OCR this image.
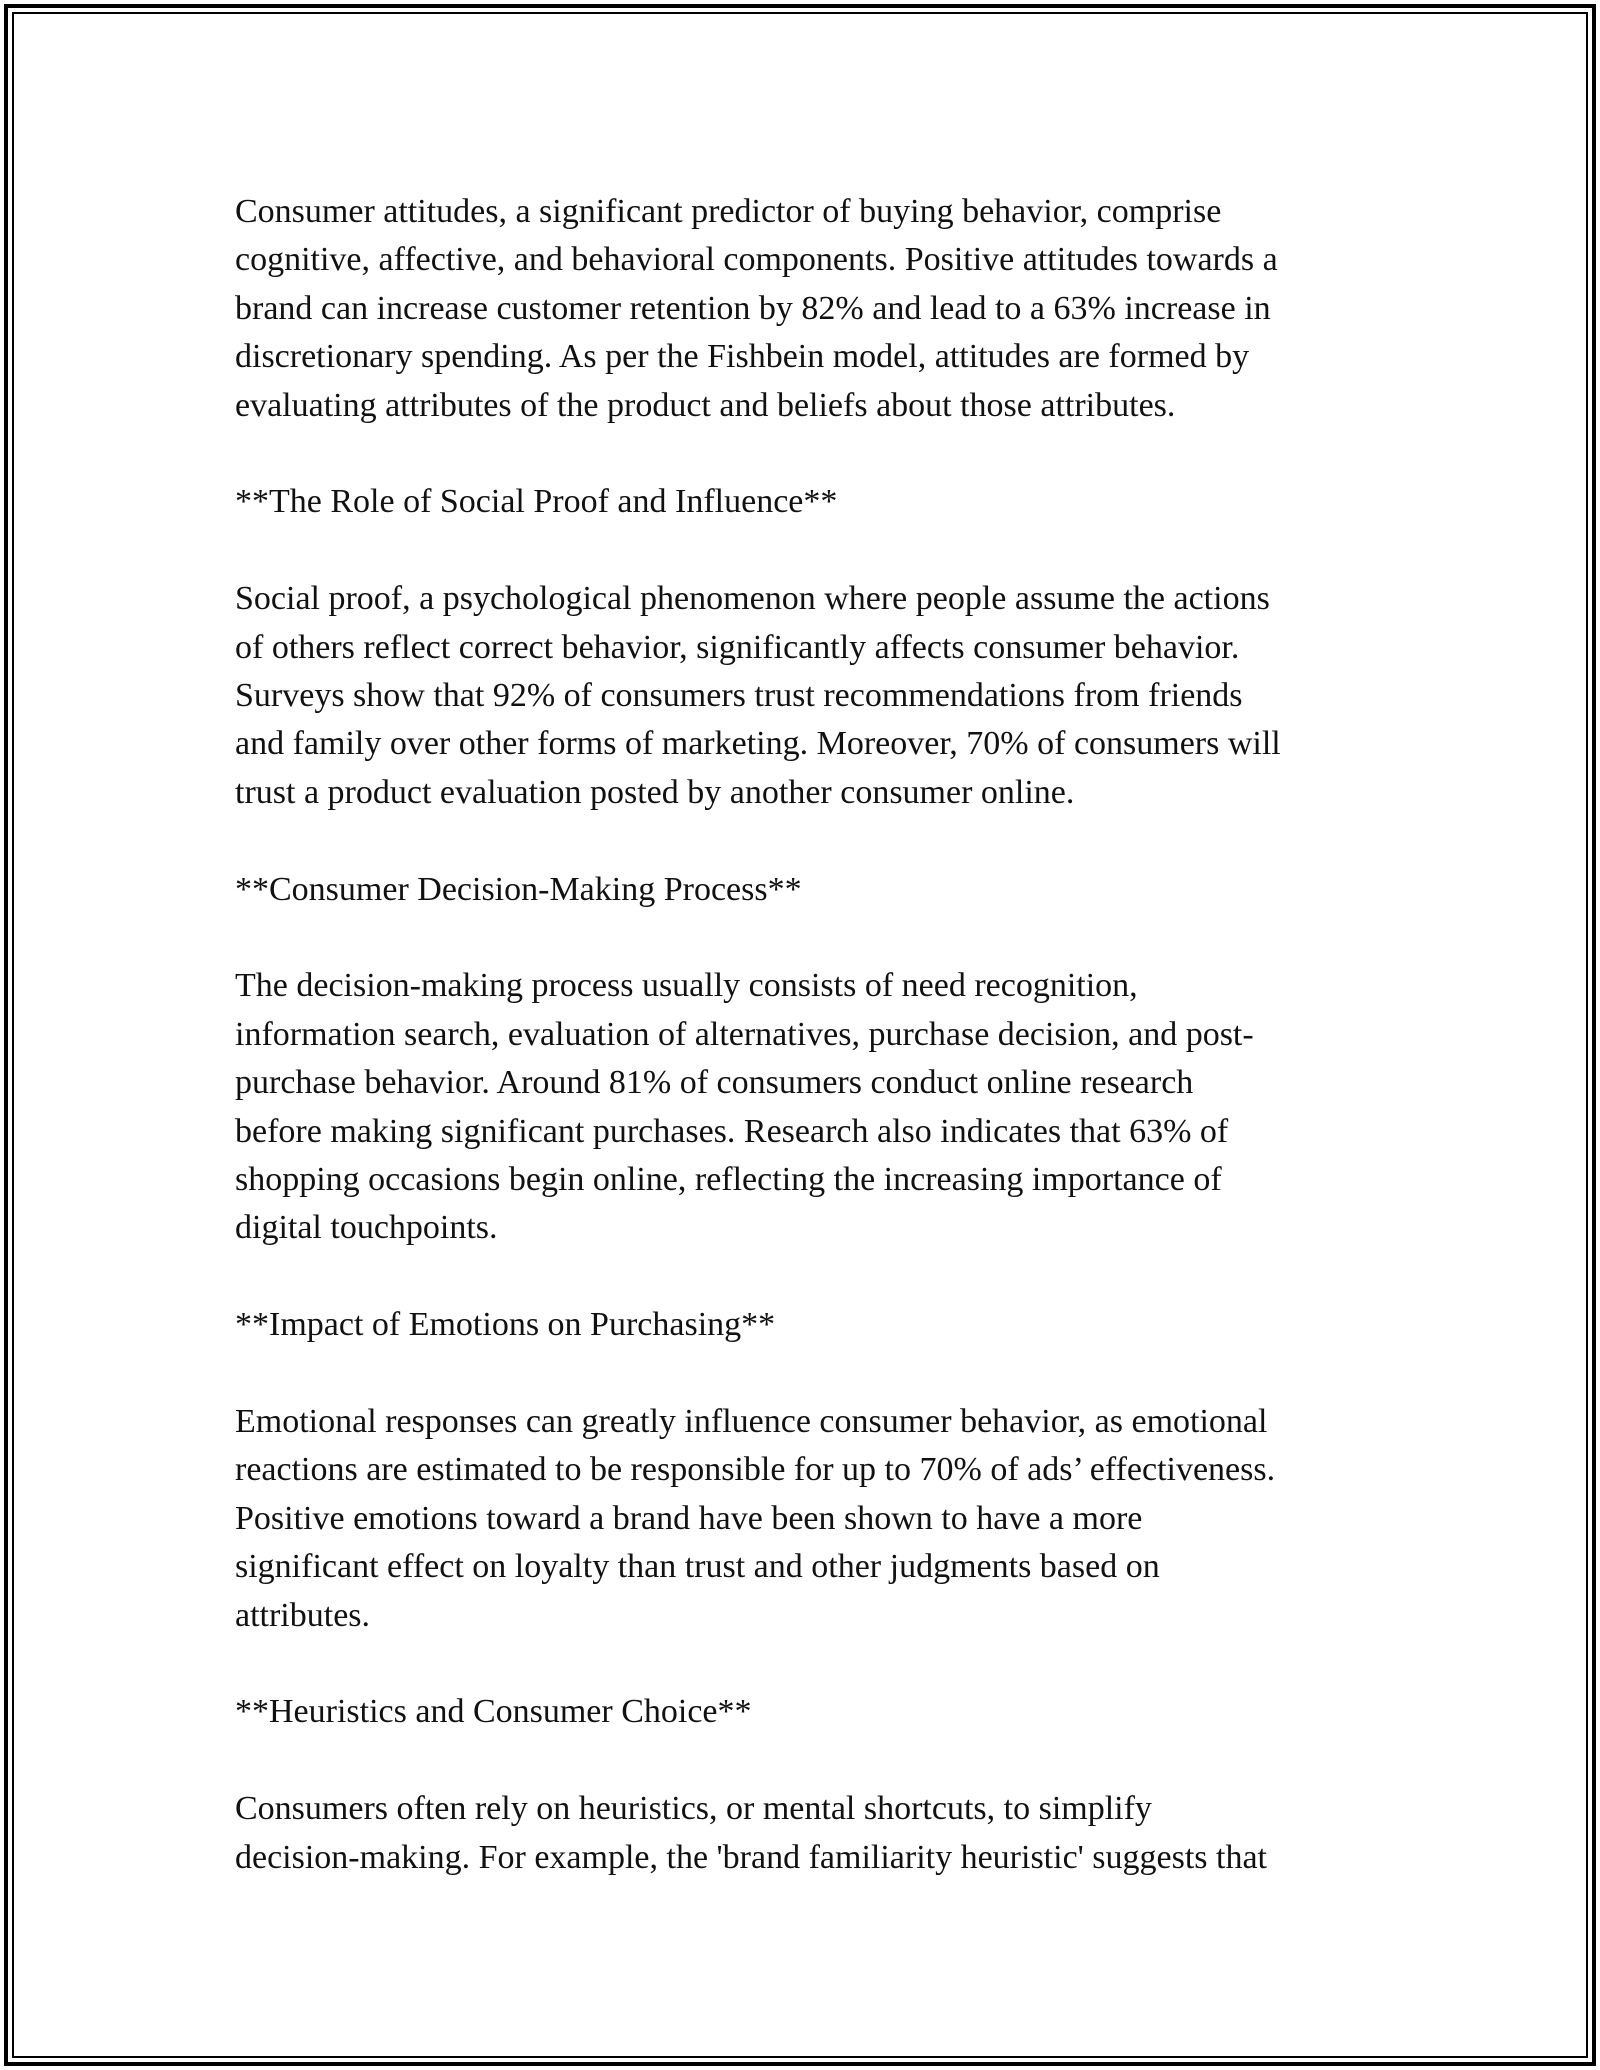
Consumer attitudes, a significant predictor of buying behavior, comprise
cognitive, affective, and behavioral components. Positive attitudes towards a
brand can increase customer retention by 82% and lead to a 63% increase in
discretionary spending. As per the Fishbein model, attitudes are formed by
evaluating attributes of the product and beliefs about those attributes.

**The Role of Social Proof and Influence**

Social proof, a psychological phenomenon where people assume the actions
of others reflect correct behavior, significantly affects consumer behavior.
Surveys show that 92% of consumers trust recommendations from friends
and family over other forms of marketing. Moreover, 70% of consumers will
trust a product evaluation posted by another consumer online.

**Consumer Decision-Making Process**

The decision-making process usually consists of need recognition,
information search, evaluation of alternatives, purchase decision, and post-
purchase behavior. Around 81% of consumers conduct online research
before making significant purchases. Research also indicates that 63% of
shopping occasions begin online, reflecting the increasing importance of
digital touchpoints.

**Impact of Emotions on Purchasing**

Emotional responses can greatly influence consumer behavior, as emotional
reactions are estimated to be responsible for up to 70% of ads’ effectiveness.
Positive emotions toward a brand have been shown to have a more
significant effect on loyalty than trust and other judgments based on
attributes.

**Heuristics and Consumer Choice**

Consumers often rely on heuristics, or mental shortcuts, to simplify
decision-making. For example, the 'brand familiarity heuristic' suggests that
